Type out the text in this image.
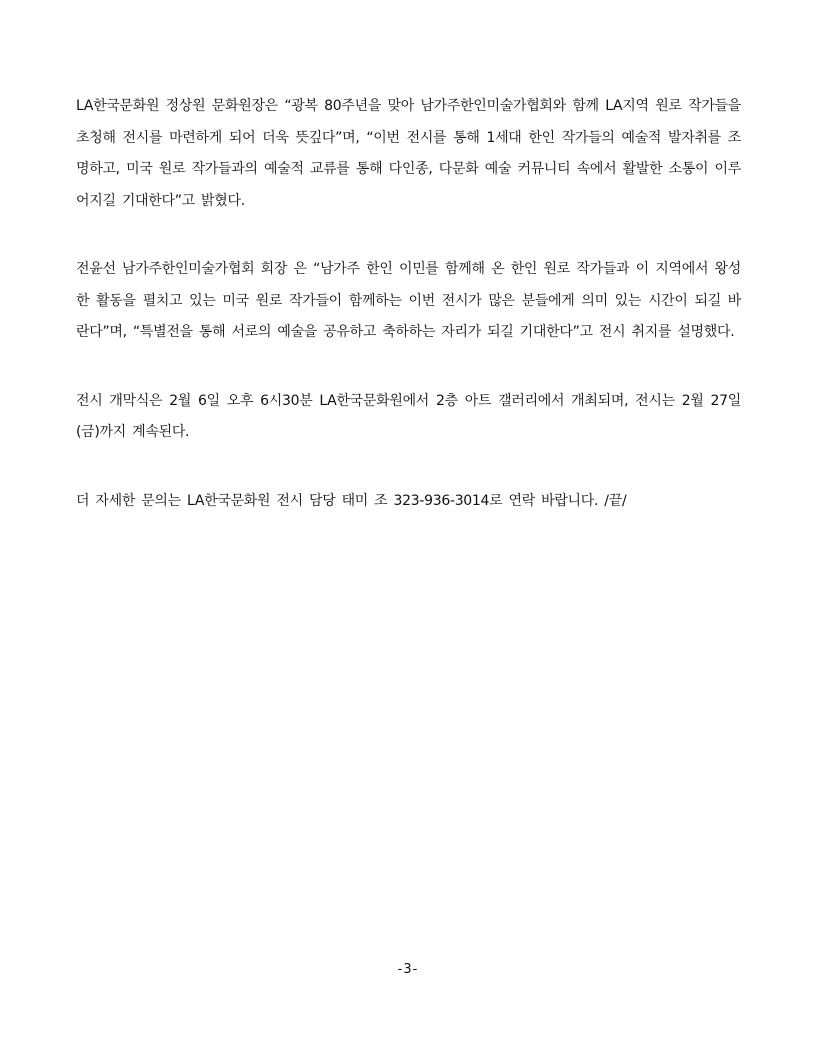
LA한국문화원 정상원 문화원장은 “광복 80주년을 맞아 남가주한인미술가협회와 함께 LA지역 원로 작가들을 초청해 전시를 마련하게 되어 더욱 뜻깊다”며, “이번 전시를 통해 1세대 한인 작가들의 예술적 발자취를 조명하고, 미국 원로 작가들과의 예술적 교류를 통해 다인종, 다문화 예술 커뮤니티 속에서 활발한 소통이 이루어지길 기대한다”고 밝혔다.

전윤선 남가주한인미술가협회 회장 은 “남가주 한인 이민를 함께해 온 한인 원로 작가들과 이 지역에서 왕성한 활동을 펼치고 있는 미국 원로 작가들이 함께하는 이번 전시가 많은 분들에게 의미 있는 시간이 되길 바란다”며, “특별전을 통해 서로의 예술을 공유하고 축하하는 자리가 되길 기대한다”고 전시 취지를 설명했다.

전시 개막식은 2월 6일 오후 6시30분 LA한국문화원에서 2층 아트 갤러리에서 개최되며, 전시는 2월 27일(금)까지 계속된다.

더 자세한 문의는 LA한국문화원 전시 담당 태미 조 323-936-3014로 연락 바랍니다. /끝/

-3-
